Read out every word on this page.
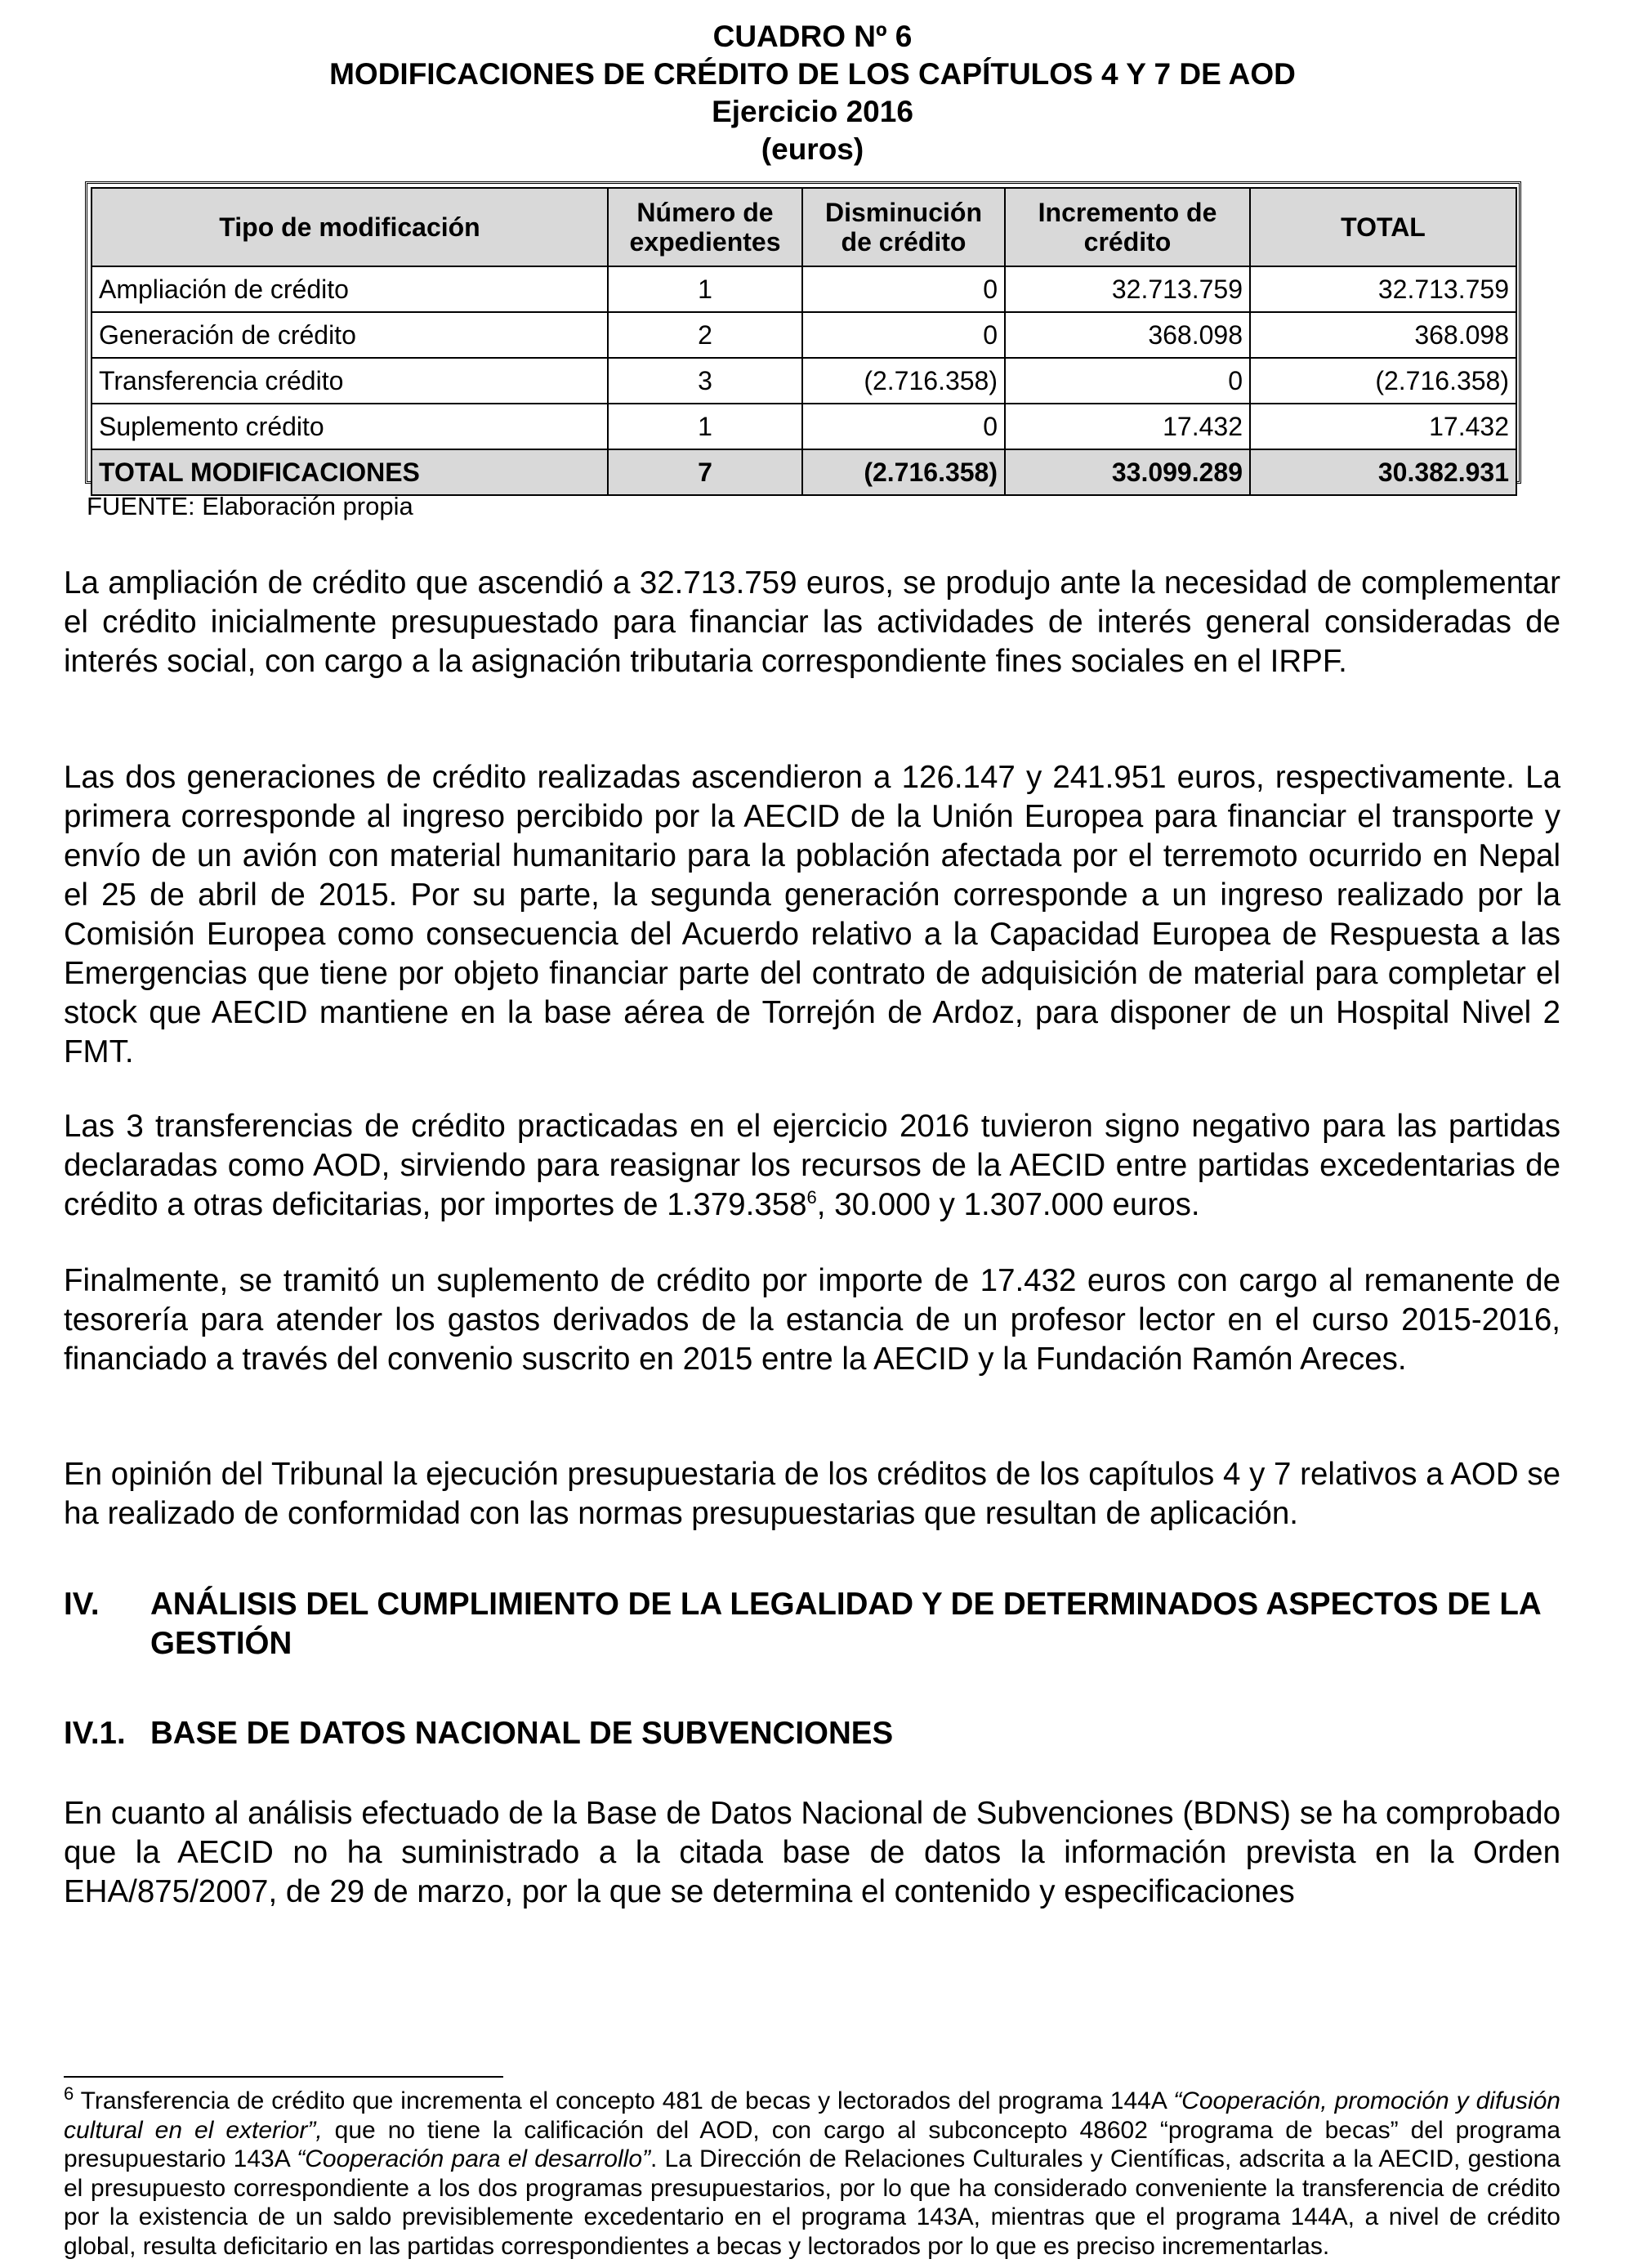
CUADRO Nº 6

MODIFICACIONES DE CRÉDITO DE LOS CAPÍTULOS 4 Y 7 DE AOD

Ejercicio 2016

(euros)

Tipo de modificación	Número de expedientes	Disminución de crédito	Incremento de crédito	TOTAL
Ampliación de crédito	1	0	32.713.759	32.713.759
Generación de crédito	2	0	368.098	368.098
Transferencia crédito	3	(2.716.358)	0	(2.716.358)
Suplemento crédito	1	0	17.432	17.432
TOTAL MODIFICACIONES	7	(2.716.358)	33.099.289	30.382.931
FUENTE: Elaboración propia

La ampliación de crédito que ascendió a 32.713.759 euros, se produjo ante la necesidad de complementar el crédito inicialmente presupuestado para financiar las actividades de interés general consideradas de interés social, con cargo a la asignación tributaria correspondiente fines sociales en el IRPF.

Las dos generaciones de crédito realizadas ascendieron a 126.147 y 241.951 euros, respectivamente. La primera corresponde al ingreso percibido por la AECID de la Unión Europea para financiar el transporte y envío de un avión con material humanitario para la población afectada por el terremoto ocurrido en Nepal el 25 de abril de 2015. Por su parte, la segunda generación corresponde a un ingreso realizado por la Comisión Europea como consecuencia del Acuerdo relativo a la Capacidad Europea de Respuesta a las Emergencias que tiene por objeto financiar parte del contrato de adquisición de material para completar el stock que AECID mantiene en la base aérea de Torrejón de Ardoz, para disponer de un Hospital Nivel 2 FMT.

Las 3 transferencias de crédito practicadas en el ejercicio 2016 tuvieron signo negativo para las partidas declaradas como AOD, sirviendo para reasignar los recursos de la AECID entre partidas excedentarias de crédito a otras deficitarias, por importes de 1.379.358$^6$, 30.000 y 1.307.000 euros.

Finalmente, se tramitó un suplemento de crédito por importe de 17.432 euros con cargo al remanente de tesorería para atender los gastos derivados de la estancia de un profesor lector en el curso 2015-2016, financiado a través del convenio suscrito en 2015 entre la AECID y la Fundación Ramón Areces.

En opinión del Tribunal la ejecución presupuestaria de los créditos de los capítulos 4 y 7 relativos a AOD se ha realizado de conformidad con las normas presupuestarias que resultan de aplicación.

IV. ANÁLISIS DEL CUMPLIMIENTO DE LA LEGALIDAD Y DE DETERMINADOS ASPECTOS DE LA GESTIÓN
IV.1. BASE DE DATOS NACIONAL DE SUBVENCIONES

En cuanto al análisis efectuado de la Base de Datos Nacional de Subvenciones (BDNS) se ha comprobado que la AECID no ha suministrado a la citada base de datos la información prevista en la Orden EHA/875/2007, de 29 de marzo, por la que se determina el contenido y especificaciones

$^6$ Transferencia de crédito que incrementa el concepto 481 de becas y lectorados del programa 144A “Cooperación, promoción y difusión cultural en el exterior”, que no tiene la calificación del AOD, con cargo al subconcepto 48602 “programa de becas” del programa presupuestario 143A “Cooperación para el desarrollo”. La Dirección de Relaciones Culturales y Científicas, adscrita a la AECID, gestiona el presupuesto correspondiente a los dos programas presupuestarios, por lo que ha considerado conveniente la transferencia de crédito por la existencia de un saldo previsiblemente excedentario en el programa 143A, mientras que el programa 144A, a nivel de crédito global, resulta deficitario en las partidas correspondientes a becas y lectorados por lo que es preciso incrementarlas.
